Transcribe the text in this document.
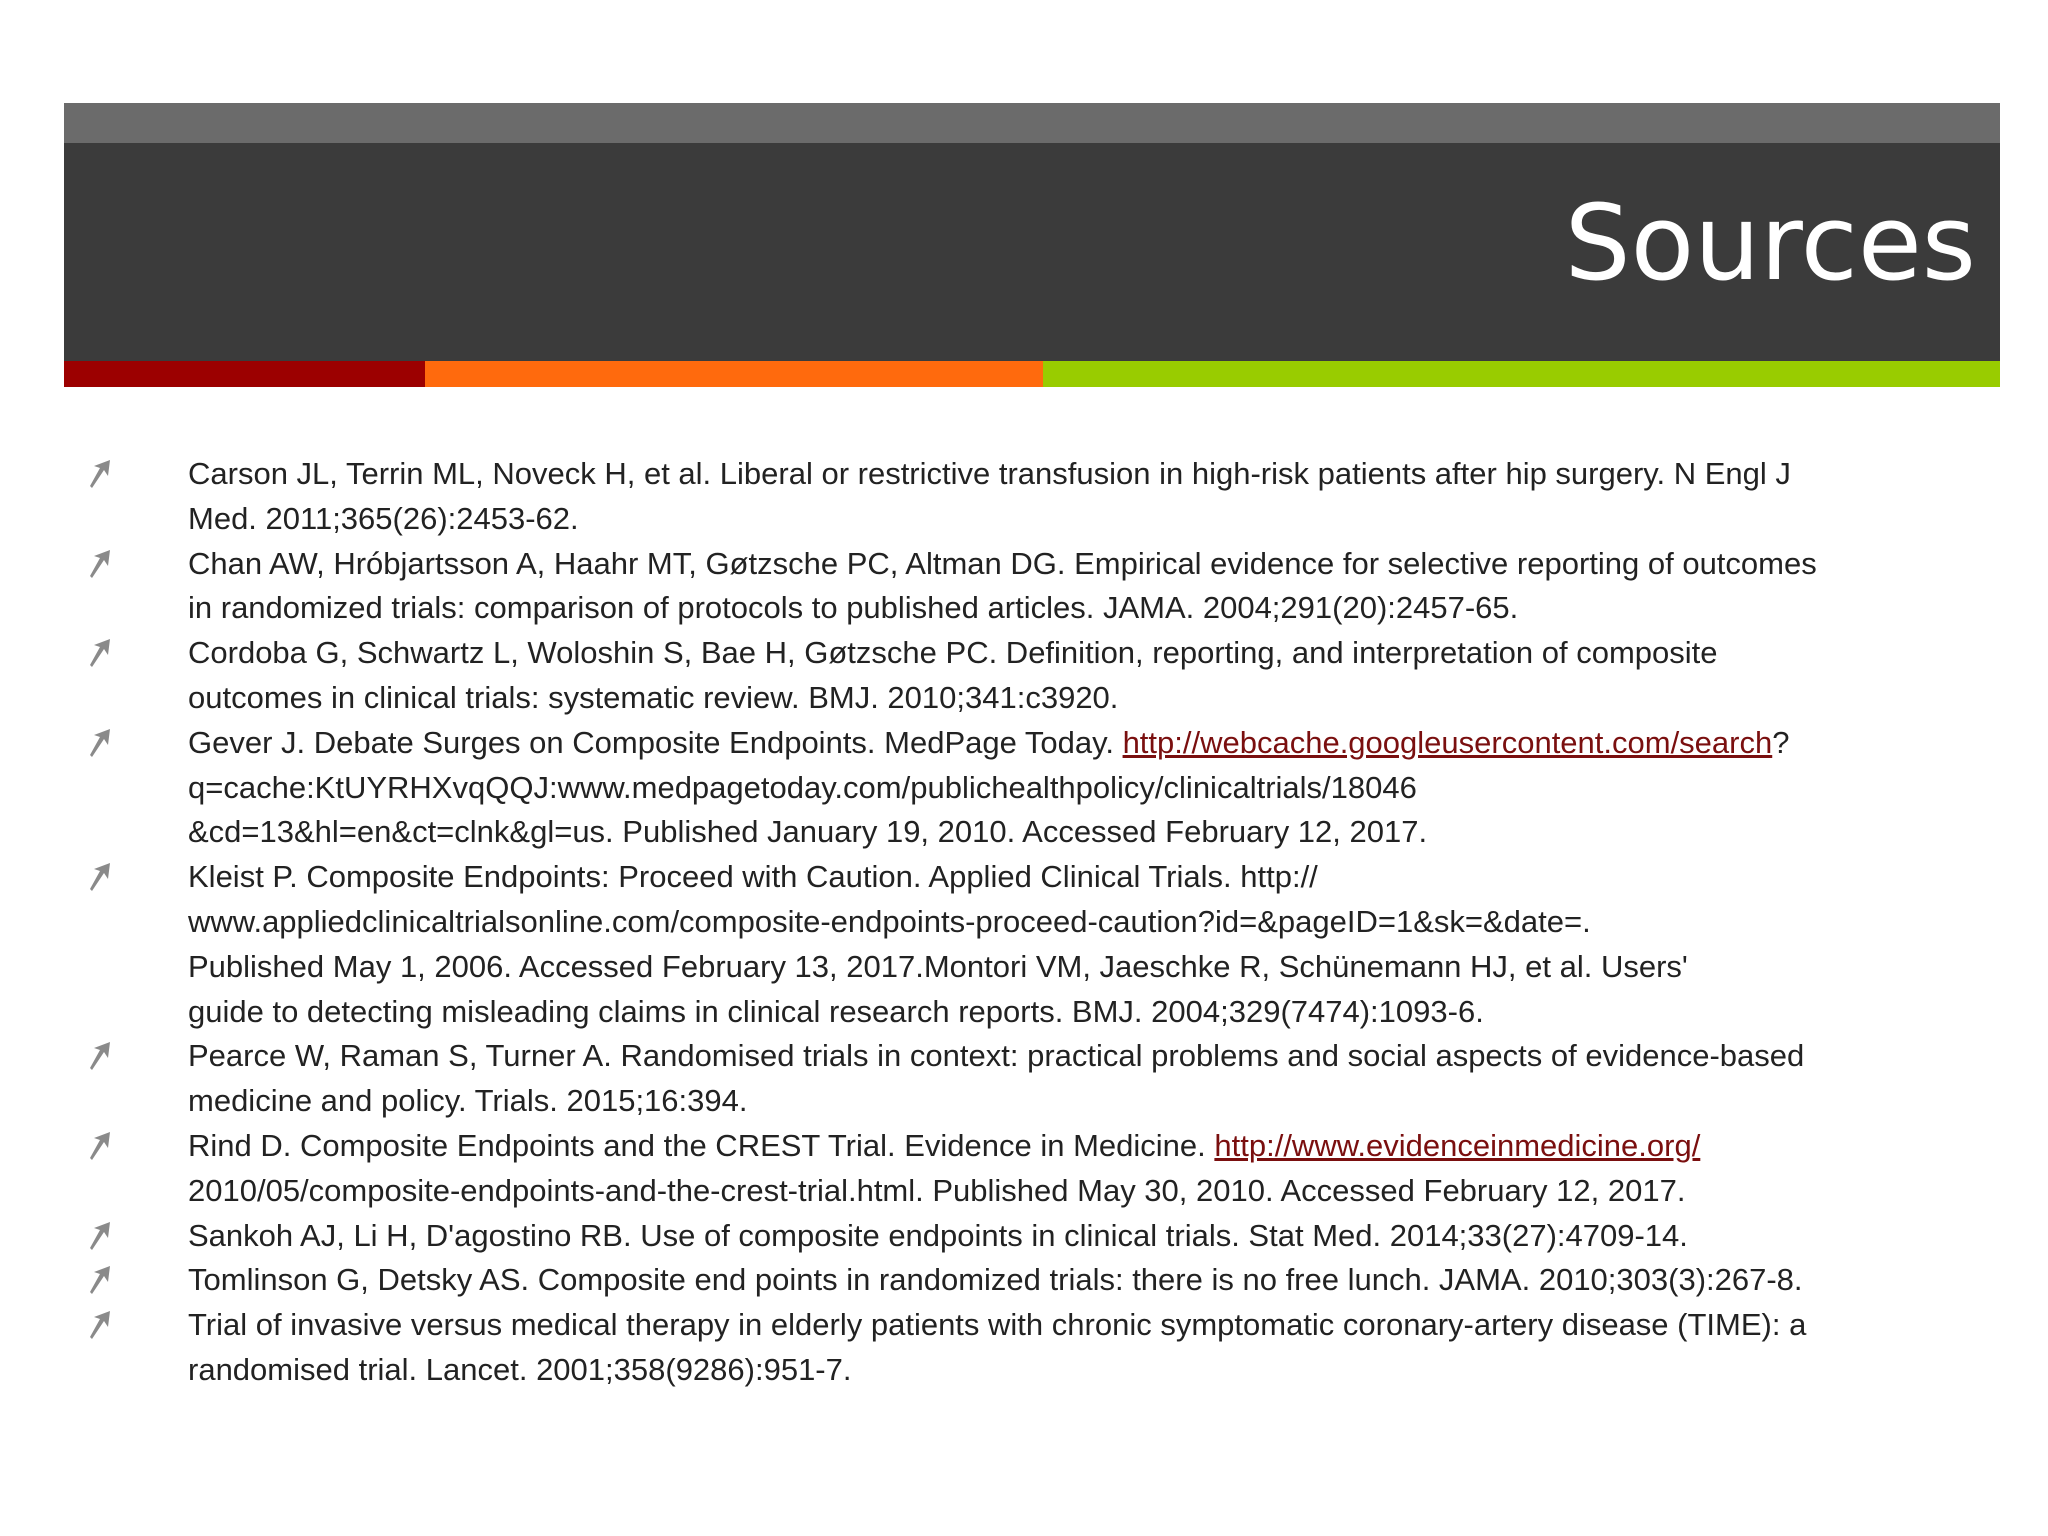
Sources
Carson JL, Terrin ML, Noveck H, et al. Liberal or restrictive transfusion in high-risk patients after hip surgery. N Engl J
Med. 2011;365(26):2453-62.
Chan AW, Hróbjartsson A, Haahr MT, Gøtzsche PC, Altman DG. Empirical evidence for selective reporting of outcomes
in randomized trials: comparison of protocols to published articles. JAMA. 2004;291(20):2457-65.
Cordoba G, Schwartz L, Woloshin S, Bae H, Gøtzsche PC. Definition, reporting, and interpretation of composite
outcomes in clinical trials: systematic review. BMJ. 2010;341:c3920.
Gever J. Debate Surges on Composite Endpoints. MedPage Today. http://webcache.googleusercontent.com/search?
q=cache:KtUYRHXvqQQJ:www.medpagetoday.com/publichealthpolicy/clinicaltrials/18046
&cd=13&hl=en&ct=clnk&gl=us. Published January 19, 2010. Accessed February 12, 2017.
Kleist P. Composite Endpoints: Proceed with Caution. Applied Clinical Trials. http://
www.appliedclinicaltrialsonline.com/composite-endpoints-proceed-caution?id=&pageID=1&sk=&date=.
Published May 1, 2006. Accessed February 13, 2017.Montori VM, Jaeschke R, Schünemann HJ, et al. Users'
guide to detecting misleading claims in clinical research reports. BMJ. 2004;329(7474):1093-6.
Pearce W, Raman S, Turner A. Randomised trials in context: practical problems and social aspects of evidence-based
medicine and policy. Trials. 2015;16:394.
Rind D. Composite Endpoints and the CREST Trial. Evidence in Medicine. http://www.evidenceinmedicine.org/
2010/05/composite-endpoints-and-the-crest-trial.html. Published May 30, 2010. Accessed February 12, 2017.
Sankoh AJ, Li H, D'agostino RB. Use of composite endpoints in clinical trials. Stat Med. 2014;33(27):4709-14.
Tomlinson G, Detsky AS. Composite end points in randomized trials: there is no free lunch. JAMA. 2010;303(3):267-8.
Trial of invasive versus medical therapy in elderly patients with chronic symptomatic coronary-artery disease (TIME): a
randomised trial. Lancet. 2001;358(9286):951-7.
